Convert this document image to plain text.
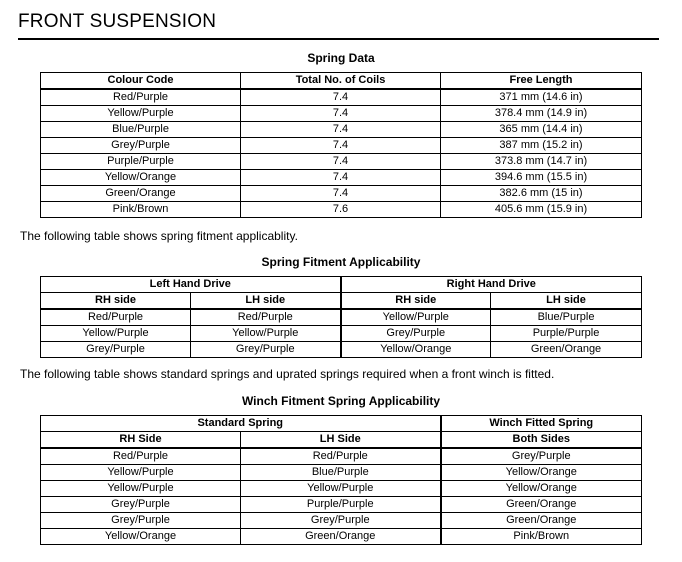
FRONT SUSPENSION
Spring Data
Colour Code	Total No. of Coils	Free Length
Red/Purple	7.4	371 mm (14.6 in)
Yellow/Purple	7.4	378.4 mm (14.9 in)
Blue/Purple	7.4	365 mm (14.4 in)
Grey/Purple	7.4	387 mm (15.2 in)
Purple/Purple	7.4	373.8 mm (14.7 in)
Yellow/Orange	7.4	394.6 mm (15.5 in)
Green/Orange	7.4	382.6 mm (15 in)
Pink/Brown	7.6	405.6 mm (15.9 in)
The following table shows spring fitment applicablity.
Spring Fitment Applicability
Left Hand Drive		Right Hand Drive	
RH side	LH side	RH side	LH side
Red/Purple	Red/Purple	Yellow/Purple	Blue/Purple
Yellow/Purple	Yellow/Purple	Grey/Purple	Purple/Purple
Grey/Purple	Grey/Purple	Yellow/Orange	Green/Orange
The following table shows standard springs and uprated springs required when a front winch is fitted.
Winch Fitment Spring Applicability
Standard Spring		Winch Fitted Spring
RH Side	LH Side	Both Sides
Red/Purple	Red/Purple	Grey/Purple
Yellow/Purple	Blue/Purple	Yellow/Orange
Yellow/Purple	Yellow/Purple	Yellow/Orange
Grey/Purple	Purple/Purple	Green/Orange
Grey/Purple	Grey/Purple	Green/Orange
Yellow/Orange	Green/Orange	Pink/Brown
